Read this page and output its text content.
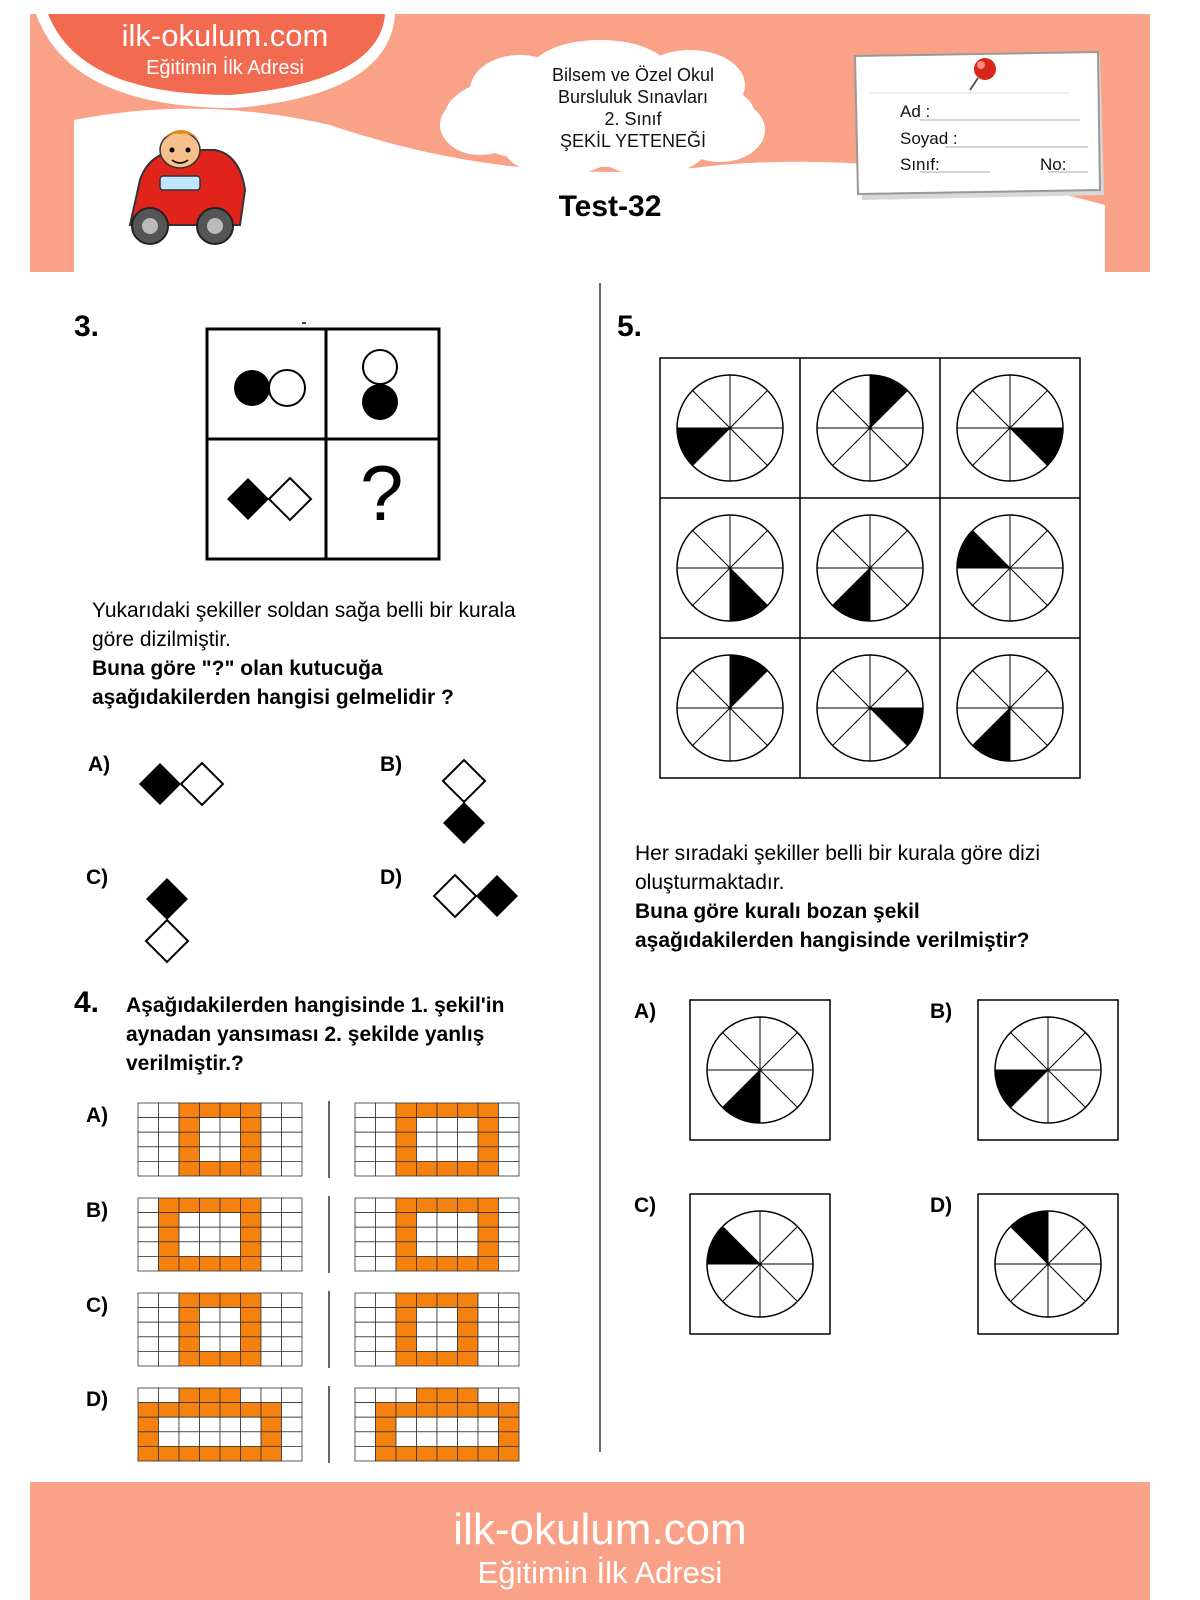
ilk-okulum.com
Eğitimin İlk Adresi	Bilsem ve Özel Okul
Bursluluk Sınavları
2. Sınıf
ŞEKİL YETENEĞİ
Test-32
Ad :
Soyad :
Sınıf:	No:
3.
?
Yukarıdaki şekiller soldan sağa belli bir kurala
göre dizilmiştir.
Buna göre "?" olan kutucuğa
aşağıdakilerden hangisi gelmelidir ?
A)	B)
C)	D)
4. Aşağıdakilerden hangisinde 1. şekil'in
aynadan yansıması 2. şekilde yanlış
verilmiştir.?
A)
B)
C)
D)
5.
Her sıradaki şekiller belli bir kurala göre dizi
oluşturmaktadır.
Buna göre kuralı bozan şekil
aşağıdakilerden hangisinde verilmiştir?
A)	B)
C)	D)
ilk-okulum.com
Eğitimin İlk Adresi
